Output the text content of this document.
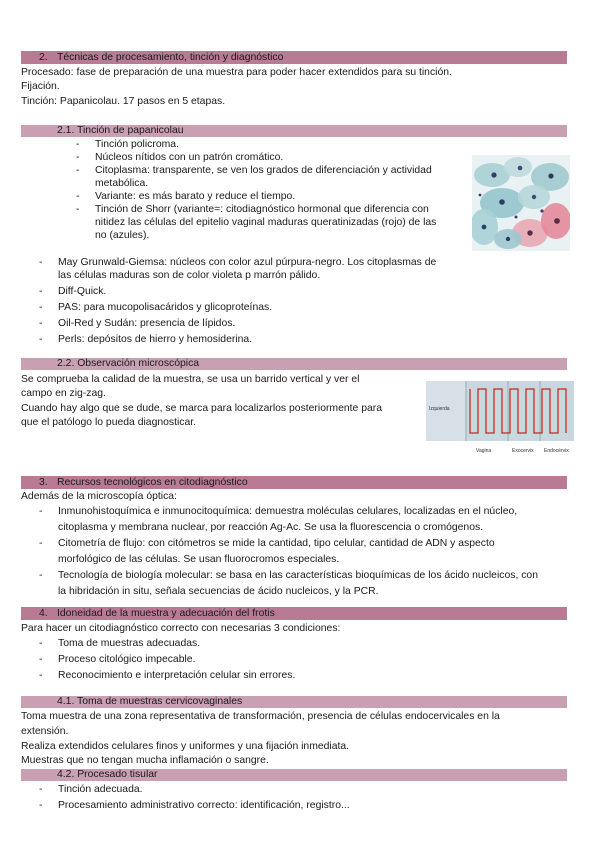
2. Técnicas de procesamiento, tinción y diagnóstico
Procesado: fase de preparación de una muestra para poder hacer extendidos para su tinción.
Fijación.
Tinción: Papanicolau. 17 pasos en 5 etapas.
2.1. Tinción de papanicolau
- Tinción policroma.
- Núcleos nítidos con un patrón cromático.
- Citoplasma: transparente, se ven los grados de diferenciación y actividad
metabólica.
- Variante: es más barato y reduce el tiempo.
- Tinción de Shorr (variante=: citodiagnóstico hormonal que diferencia con
nitidez las células del epitelio vaginal maduras queratinizadas (rojo) de las
no (azules).
- May Grunwald-Giemsa: núcleos con color azul púrpura-negro. Los citoplasmas de
las células maduras son de color violeta p marrón pálido.
- Diff-Quick.
- PAS: para mucopolisacáridos y glicoproteínas.
- Oil-Red y Sudán: presencia de lípidos.
- Perls: depósitos de hierro y hemosiderina.
2.2. Observación microscópica
Se comprueba la calidad de la muestra, se usa un barrido vertical y ver el
campo en zig-zag.
Cuando hay algo que se dude, se marca para localizarlos posteriormente para
que el patólogo lo pueda diagnosticar.
Izquierda
Vagina	Exocervix Endocérvix
3. Recursos tecnológicos en citodiagnóstico
Además de la microscopía óptica:
- Inmunohistoquímica e inmunocitoquímica: demuestra moléculas celulares, localizadas en el núcleo,
citoplasma y membrana nuclear, por reacción Ag-Ac. Se usa la fluorescencia o cromógenos.
- Citometría de flujo: con citómetros se mide la cantidad, tipo celular, cantidad de ADN y aspecto
morfológico de las células. Se usan fluorocromos especiales.
- Tecnología de biología molecular: se basa en las características bioquímicas de los ácido nucleicos, con
la hibridación in situ, señala secuencias de ácido nucleicos, y la PCR.
4. Idoneidad de la muestra y adecuación del frotis
Para hacer un citodiagnóstico correcto con necesarias 3 condiciones:
- Toma de muestras adecuadas.
- Proceso citológico impecable.
- Reconocimiento e interpretación celular sin errores.
4.1. Toma de muestras cervicovaginales
Toma muestra de una zona representativa de transformación, presencia de células endocervicales en la
extensión.
Realiza extendidos celulares finos y uniformes y una fijación inmediata.
Muestras que no tengan mucha inflamación o sangre.
4.2. Procesado tisular
- Tinción adecuada.
- Procesamiento administrativo correcto: identificación, registro...
